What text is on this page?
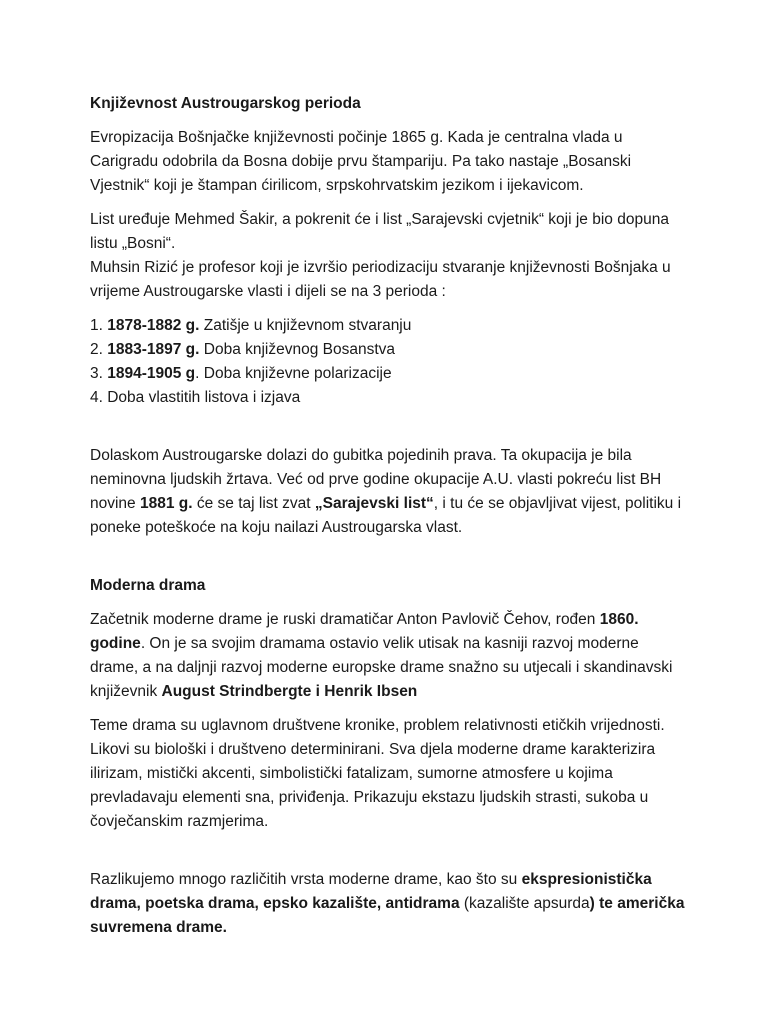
Književnost Austrougarskog perioda

Evropizacija Bošnjačke književnosti počinje 1865 g. Kada je centralna vlada u Carigradu odobrila da Bosna dobije prvu štampariju. Pa tako nastaje „Bosanski Vjestnik“ koji je štampan ćirilicom, srpskohrvatskim jezikom i ijekavicom.

List uređuje Mehmed Šakir, a pokrenit će i list „Sarajevski cvjetnik“ koji je bio dopuna listu „Bosni“.
Muhsin Rizić je profesor koji je izvršio periodizaciju stvaranje književnosti Bošnjaka u vrijeme Austrougarske vlasti i dijeli se na 3 perioda :

1. 1878-1882 g. Zatišje u književnom stvaranju
2. 1883-1897 g. Doba književnog Bosanstva
3. 1894-1905 g. Doba književne polarizacije
4. Doba vlastitih listova i izjava

Dolaskom Austrougarske dolazi do gubitka pojedinih prava. Ta okupacija je bila neminovna ljudskih žrtava. Već od prve godine okupacije A.U. vlasti pokreću list BH novine 1881 g. će se taj list zvat „Sarajevski list“, i tu će se objavljivat vijest, politiku i poneke poteškoće na koju nailazi Austrougarska vlast.

Moderna drama

Začetnik moderne drame je ruski dramatičar Anton Pavlovič Čehov, rođen 1860. godine. On je sa svojim dramama ostavio velik utisak na kasniji razvoj moderne drame, a na daljnji razvoj moderne europske drame snažno su utjecali i skandinavski književnik August Strindbergte i Henrik Ibsen

Teme drama su uglavnom društvene kronike, problem relativnosti etičkih vrijednosti. Likovi su biološki i društveno determinirani. Sva djela moderne drame karakterizira ilirizam, mistički akcenti, simbolistički fatalizam, sumorne atmosfere u kojima prevladavaju elementi sna, priviđenja. Prikazuju ekstazu ljudskih strasti, sukoba u čovječanskim razmjerima.

Razlikujemo mnogo različitih vrsta moderne drame, kao što su ekspresionistička drama, poetska drama, epsko kazalište, antidrama (kazalište apsurda) te američka suvremena drame.
